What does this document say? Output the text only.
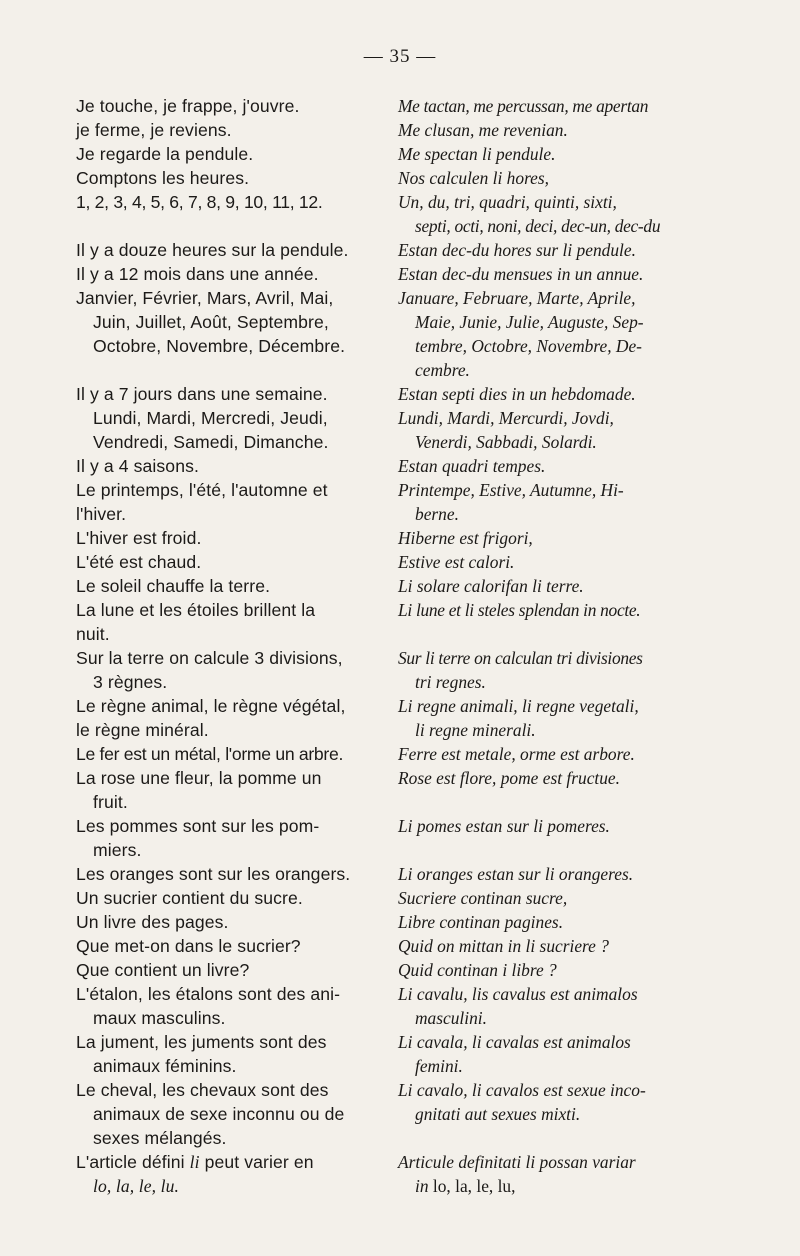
— 35 —
Je touche, je frappe, j'ouvre.
je ferme, je reviens.
Je regarde la pendule.
Comptons les heures.
1, 2, 3, 4, 5, 6, 7, 8, 9, 10, 11, 12.
Il y a douze heures sur la pendule.
Il y a 12 mois dans une année.
Janvier, Février, Mars, Avril, Mai,
Juin, Juillet, Août, Septembre,
Octobre, Novembre, Décembre.
Il y a 7 jours dans une semaine.
Lundi, Mardi, Mercredi, Jeudi,
Vendredi, Samedi, Dimanche.
Il y a 4 saisons.
Le printemps, l'été, l'automne et
l'hiver.
L'hiver est froid.
L'été est chaud.
Le soleil chauffe la terre.
La lune et les étoiles brillent la
nuit.
Sur la terre on calcule 3 divisions,
3 règnes.
Le règne animal, le règne végétal,
le règne minéral.
Le fer est un métal, l'orme un arbre.
La rose une fleur, la pomme un
fruit.
Les pommes sont sur les pom-
miers.
Les oranges sont sur les orangers.
Un sucrier contient du sucre.
Un livre des pages.
Que met-on dans le sucrier?
Que contient un livre?
L'étalon, les étalons sont des ani-
maux masculins.
La jument, les juments sont des
animaux féminins.
Le cheval, les chevaux sont des
animaux de sexe inconnu ou de
sexes mélangés.
L'article défini li peut varier en
lo, la, le, lu.
Me tactan, me percussan, me apertan
Me clusan, me revenian.
Me spectan li pendule.
Nos calculen li hores,
Un, du, tri, quadri, quinti, sixti,
septi, octi, noni, deci, dec-un, dec-du
Estan dec-du hores sur li pendule.
Estan dec-du mensues in un annue.
Januare, Februare, Marte, Aprile,
Maie, Junie, Julie, Auguste, Sep-
tembre, Octobre, Novembre, De-
cembre.
Estan septi dies in un hebdomade.
Lundi, Mardi, Mercurdi, Jovdi,
Venerdi, Sabbadi, Solardi.
Estan quadri tempes.
Printempe, Estive, Autumne, Hi-
berne.
Hiberne est frigori,
Estive est calori.
Li solare calorifan li terre.
Li lune et li steles splendan in nocte.
Sur li terre on calculan tri divisiones
tri regnes.
Li regne animali, li regne vegetali,
li regne minerali.
Ferre est metale, orme est arbore.
Rose est flore, pome est fructue.
Li pomes estan sur li pomeres.
Li oranges estan sur li orangeres.
Sucriere continan sucre,
Libre continan pagines.
Quid on mittan in li sucriere ?
Quid continan i libre ?
Li cavalu, lis cavalus est animalos
masculini.
Li cavala, li cavalas est animalos
femini.
Li cavalo, li cavalos est sexue inco-
gnitati aut sexues mixti.
Articule definitati li possan variar
in lo, la, le, lu,
